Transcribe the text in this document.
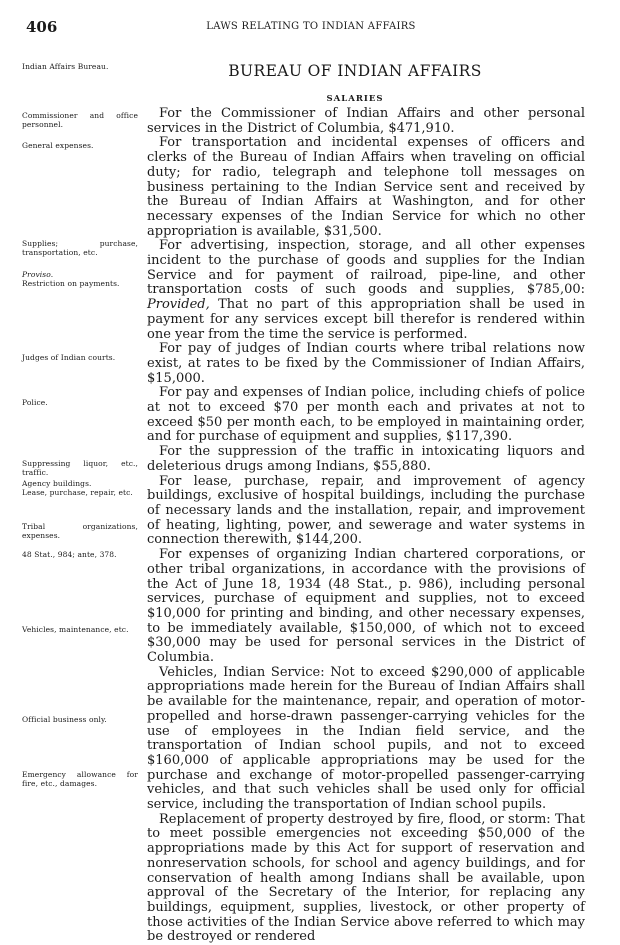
406	LAWS RELATING TO INDIAN AFFAIRS
BUREAU OF INDIAN AFFAIRS
SALARIES
Indian Affairs Bureau.
Commissioner and office personnel.
General expenses.
Supplies; purchase, transportation, etc.
Proviso.
Restriction on payments.
Judges of Indian courts.
Police.
Suppressing liquor, etc., traffic.
Agency buildings.
Lease, purchase, repair, etc.
Tribal organizations, expenses.
48 Stat., 984; ante, 378.
Vehicles, maintenance, etc.
Official business only.
Emergency allowance for fire, etc., damages.

For the Commissioner of Indian Affairs and other personal services in the District of Columbia, $471,910.

For transportation and incidental expenses of officers and clerks of the Bureau of Indian Affairs when traveling on official duty; for radio, telegraph and telephone toll messages on business pertaining to the Indian Service sent and received by the Bureau of Indian Affairs at Washington, and for other necessary expenses of the Indian Service for which no other appropriation is available, $31,500.

For advertising, inspection, storage, and all other expenses incident to the purchase of goods and supplies for the Indian Service and for payment of railroad, pipe-line, and other transportation costs of such goods and supplies, $785,00: Provided, That no part of this appropriation shall be used in payment for any services except bill therefor is rendered within one year from the time the service is performed.

For pay of judges of Indian courts where tribal relations now exist, at rates to be fixed by the Commissioner of Indian Affairs, $15,000.

For pay and expenses of Indian police, including chiefs of police at not to exceed $70 per month each and privates at not to exceed $50 per month each, to be employed in maintaining order, and for purchase of equipment and supplies, $117,390.

For the suppression of the traffic in intoxicating liquors and deleterious drugs among Indians, $55,880.

For lease, purchase, repair, and improvement of agency buildings, exclusive of hospital buildings, including the purchase of necessary lands and the installation, repair, and improvement of heating, lighting, power, and sewerage and water systems in connection therewith, $144,200.

For expenses of organizing Indian chartered corporations, or other tribal organizations, in accordance with the provisions of the Act of June 18, 1934 (48 Stat., p. 986), including personal services, purchase of equipment and supplies, not to exceed $10,000 for printing and binding, and other necessary expenses, to be immediately available, $150,000, of which not to exceed $30,000 may be used for personal services in the District of Columbia.

Vehicles, Indian Service: Not to exceed $290,000 of applicable appropriations made herein for the Bureau of Indian Affairs shall be available for the maintenance, repair, and operation of motor-propelled and horse-drawn passenger-carrying vehicles for the use of employees in the Indian field service, and the transportation of Indian school pupils, and not to exceed $160,000 of applicable appropriations may be used for the purchase and exchange of motor-propelled passenger-carrying vehicles, and that such vehicles shall be used only for official service, including the transportation of Indian school pupils.

Replacement of property destroyed by fire, flood, or storm: That to meet possible emergencies not exceeding $50,000 of the appropriations made by this Act for support of reservation and nonreservation schools, for school and agency buildings, and for conservation of health among Indians shall be available, upon approval of the Secretary of the Interior, for replacing any buildings, equipment, supplies, livestock, or other property of those activities of the Indian Service above referred to which may be destroyed or rendered
